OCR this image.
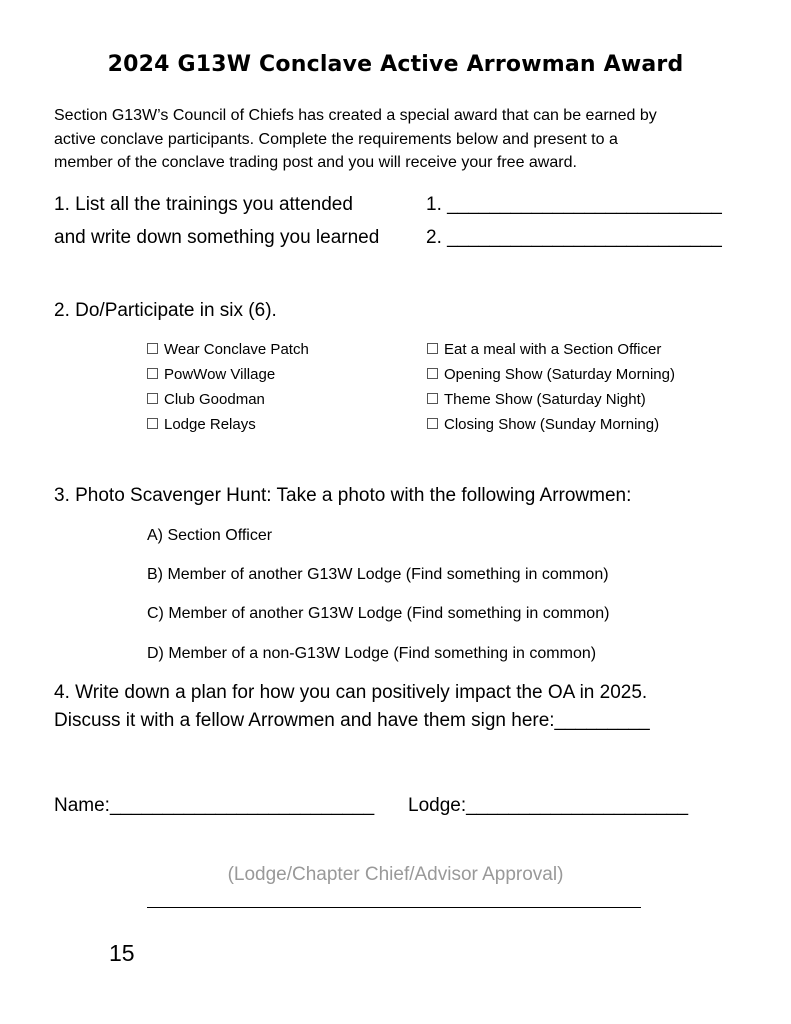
2024 G13W Conclave Active Arrowman Award

Section G13W’s Council of Chiefs has created a special award that can be earned by

active conclave participants. Complete the requirements below and present to a

member of the conclave trading post and you will receive your free award.

1. List all the trainings you attended
and write down something you learned
1. __________________________
2. __________________________
2. Do/Participate in six (6).
Wear Conclave Patch
PowWow Village
Club Goodman
Lodge Relays
Eat a meal with a Section Officer
Opening Show (Saturday Morning)
Theme Show (Saturday Night)
Closing Show (Sunday Morning)
3. Photo Scavenger Hunt: Take a photo with the following Arrowmen:
A) Section Officer
B) Member of another G13W Lodge (Find something in common)
C) Member of another G13W Lodge (Find something in common)
D) Member of a non-G13W Lodge (Find something in common)
4. Write down a plan for how you can positively impact the OA in 2025.
Discuss it with a fellow Arrowmen and have them sign here:_________
Name:_________________________ Lodge:_____________________
(Lodge/Chapter Chief/Advisor Approval)
15
